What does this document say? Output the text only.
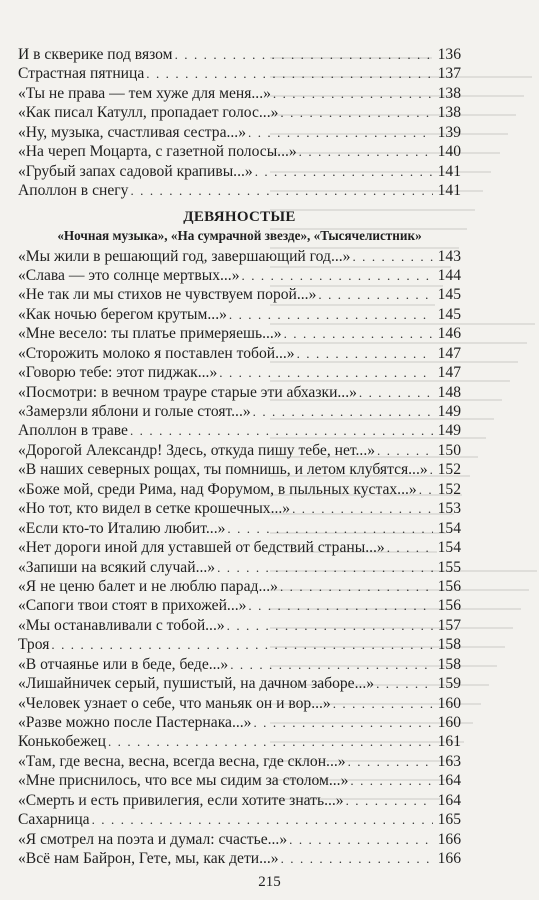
И в скверике под вязом . . .	136
Страстная пятница . . .	137
«Ты не права — тем хуже для меня...» . . .	138
«Как писал Катулл, пропадает голос...» . . .	138
«Ну, музыка, счастливая сестра...» . . .	139
«На череп Моцарта, с газетной полосы...» . . .	140
«Грубый запах садовой крапивы...» . . .	141
Аполлон в снегу . . .	141
ДЕВЯНОСТЫЕ
«Ночная музыка», «На сумрачной звезде», «Тысячелистник»
«Мы жили в решающий год, завершающий год...» . . .	143
«Слава — это солнце мертвых...» . . .	144
«Не так ли мы стихов не чувствуем порой...» . . .	145
«Как ночью берегом крутым...» . . .	145
«Мне весело: ты платье примеряешь...» . . .	146
«Сторожить молоко я поставлен тобой...» . . .	147
«Говорю тебе: этот пиджак...» . . .	147
«Посмотри: в вечном трауре старые эти абхазки...» . . .	148
«Замерзли яблони и голые стоят...» . . .	149
Аполлон в траве . . .	149
«Дорогой Александр! Здесь, откуда пишу тебе, нет...» . . .	150
«В наших северных рощах, ты помнишь, и летом клубятся...» . . . 152
«Боже мой, среди Рима, над Форумом, в пыльных кустах...» . . . 152
«Но тот, кто видел в сетке крошечных...» . . .	153
«Если кто-то Италию любит...» . . .	154
«Нет дороги иной для уставшей от бедствий страны...» . . .	154
«Запиши на всякий случай...» . . .	155
«Я не ценю балет и не люблю парад...» . . .	156
«Сапоги твои стоят в прихожей...» . . .	156
«Мы останавливали с тобой...» . . .	157
Троя . . .	158
«В отчаянье или в беде, беде...» . . .	158
«Лишайничек серый, пушистый, на дачном заборе...» . . .	159
«Человек узнает о себе, что маньяк он и вор...» . . .	160
«Разве можно после Пастернака...» . . .	160
Конькобежец . . .	161
«Там, где весна, весна, всегда весна, где склон...» . . .	163
«Мне приснилось, что все мы сидим за столом...» . . .	164
«Смерть и есть привилегия, если хотите знать...» . . .	164
Сахарница . . .	165
«Я смотрел на поэта и думал: счастье...» . . .	166
«Всё нам Байрон, Гете, мы, как дети...» . . .	166
215
